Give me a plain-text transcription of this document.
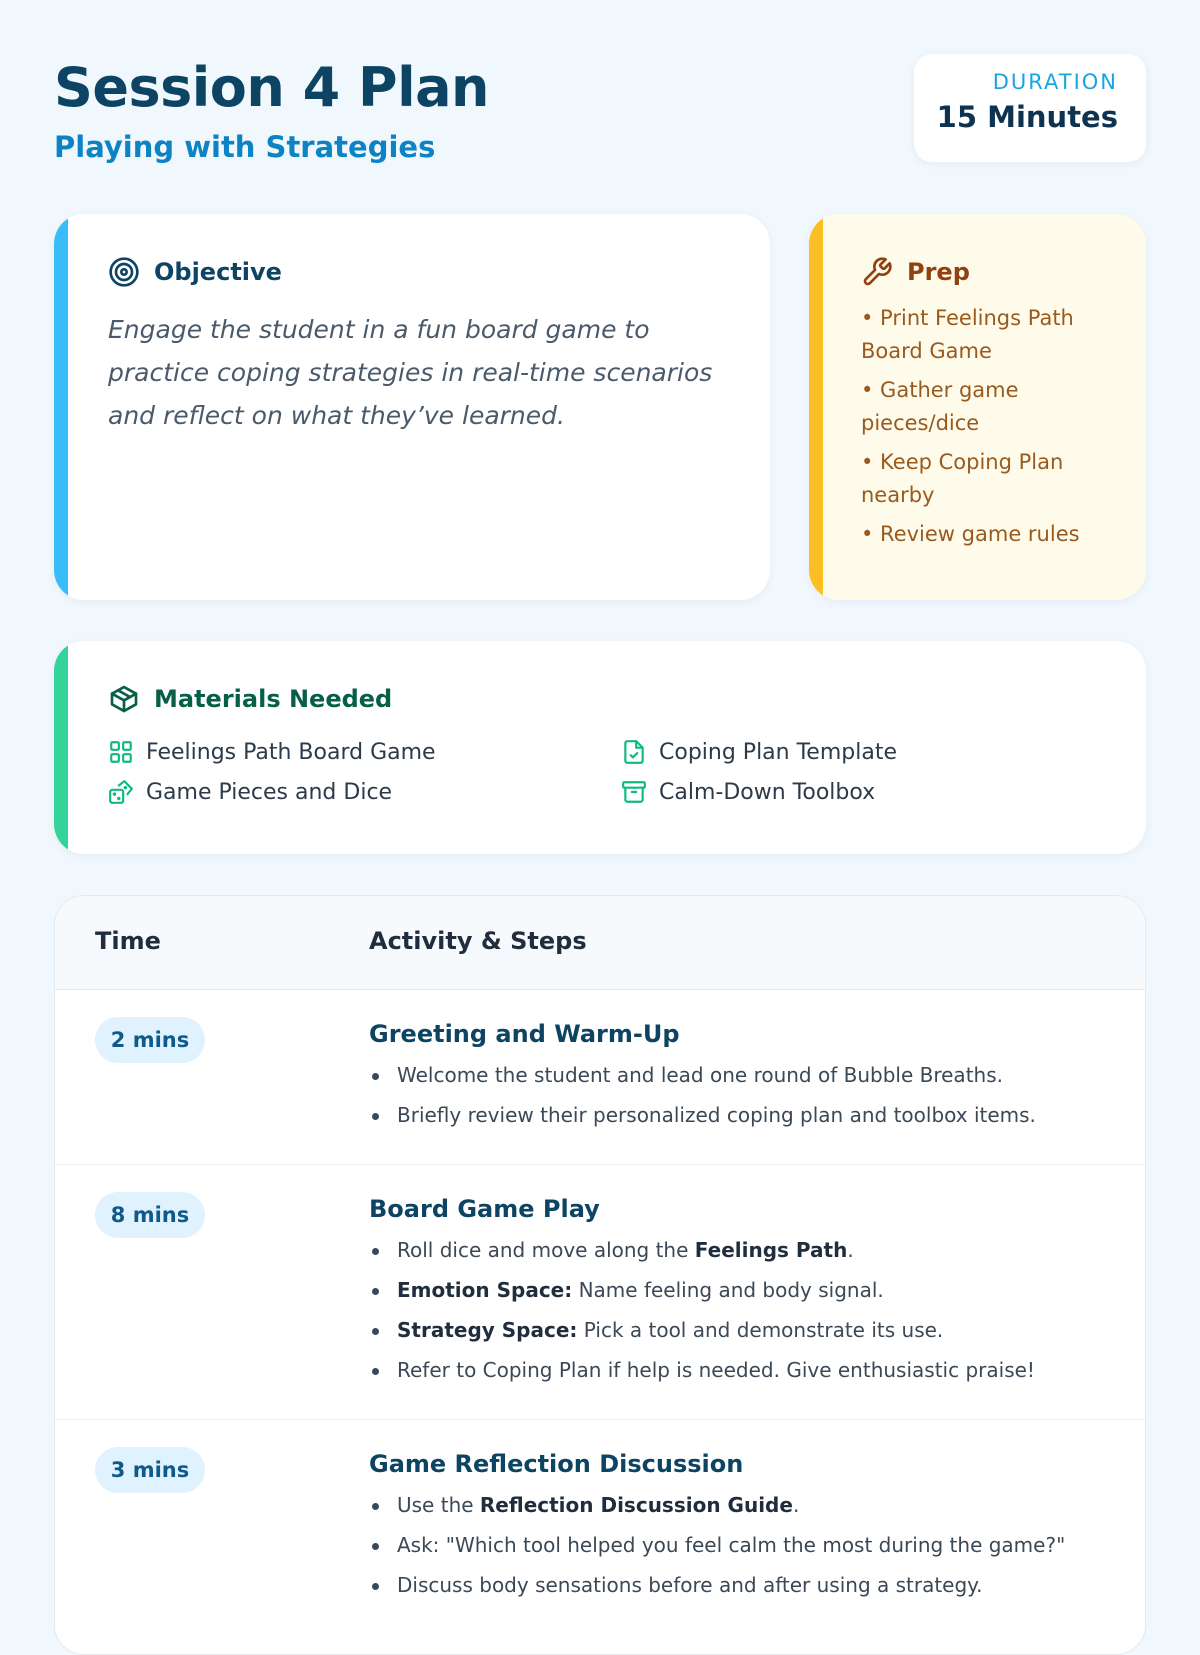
Session 4 Plan
Playing with Strategies
DURATION
15 Minutes
Objective

Engage the student in a fun board game to practice coping strategies in real-time scenarios and reflect on what they’ve learned.

Prep
• Print Feelings Path Board Game
• Gather game pieces/dice
• Keep Coping Plan nearby
• Review game rules
Materials Needed
Feelings Path Board Game	Coping Plan Template
Game Pieces and Dice	Calm-Down Toolbox
Time	Activity & Steps
2 mins	Greeting and Warm-Up
Welcome the student and lead one round of Bubble Breaths.
Briefly review their personalized coping plan and toolbox items.
8 mins	Board Game Play
Roll dice and move along the Feelings Path.
Emotion Space: Name feeling and body signal.
Strategy Space: Pick a tool and demonstrate its use.
Refer to Coping Plan if help is needed. Give enthusiastic praise!
3 mins	Game Reflection Discussion
Use the Reflection Discussion Guide.
Ask: "Which tool helped you feel calm the most during the game?"
Discuss body sensations before and after using a strategy.
